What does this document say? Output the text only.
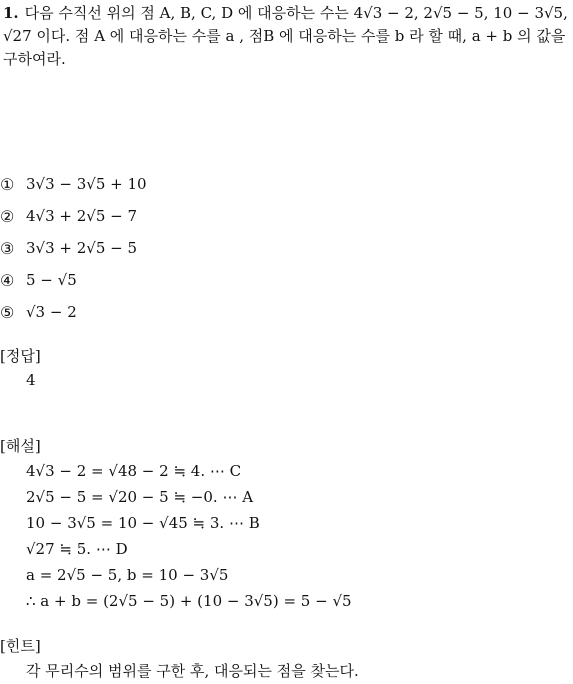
1. 다음 수직선 위의 점 A, B, C, D 에 대응하는 수는 4√3 − 2, 2√5 − 5, 10 − 3√5, √27 이다. 점 A 에 대응하는 수를 a , 점B 에 대응하는 수를 b 라 할 때, a + b 의 값을 구하여라.
① 3√3 − 3√5 + 10
② 4√3 + 2√5 − 7
③ 3√3 + 2√5 − 5
④ 5 − √5
⑤ √3 − 2
[정답]
4
[해설]
4√3 − 2 = √48 − 2 ≒ 4. ⋯ C
2√5 − 5 = √20 − 5 ≒ −0. ⋯ A
10 − 3√5 = 10 − √45 ≒ 3. ⋯ B
√27 ≒ 5. ⋯ D
a = 2√5 − 5, b = 10 − 3√5
∴ a + b = (2√5 − 5) + (10 − 3√5) = 5 − √5
[힌트]
각 무리수의 범위를 구한 후, 대응되는 점을 찾는다.
